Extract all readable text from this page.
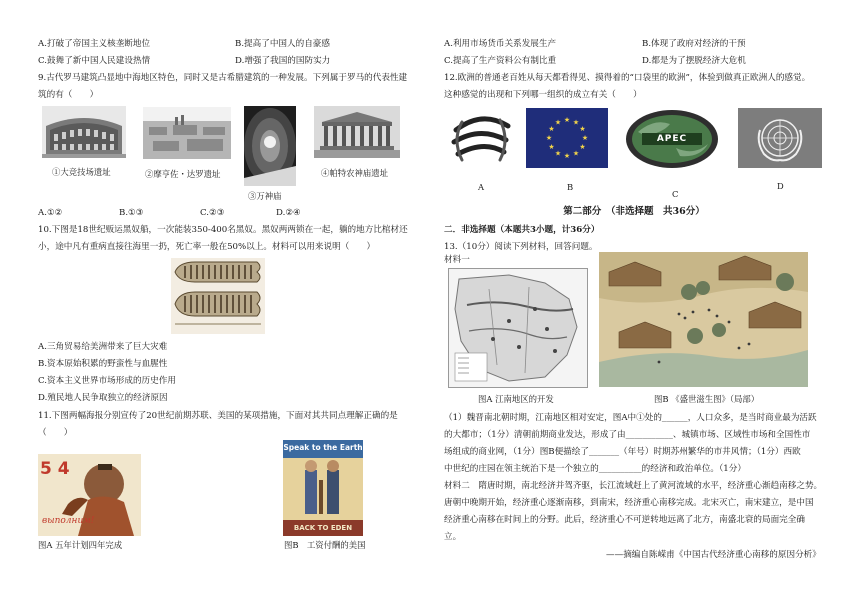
A.打破了帝国主义核垄断地位	B.提高了中国人的自豪感
C.鼓舞了新中国人民建设热情	D.增强了我国的国防实力
9.古代罗马建筑凸显地中海地区特色，同时又是古希腊建筑的一种发展。下列属于罗马的代表性建
筑的有（　　）
①大竞技场遗址	②摩亨佐・达罗遗址	④帕特农神庙遗址
③万神庙
A.①②	B.①③	C.②③	D.②④
10.下图是18世纪贩运黑奴船，一次能装350-400名黑奴。黑奴两两锁在一起，躺的地方比棺材还
小，途中凡有重病直接往海里一扔，死亡率一般在50%以上。材料可以用来说明（　　）
A.三角贸易给美洲带来了巨大灾难
B.资本原始积累的野蛮性与血腥性
C.资本主义世界市场形成的历史作用
D.殖民地人民争取独立的经济原因
11.下图两幅海报分别宣传了20世纪前期苏联、美国的某项措施，下面对其共同点理解正确的是
（　　）
5 4
выполним!
Speak to the Earth
BACK TO EDEN
图A 五年计划四年完成	图B　工资付酬的美国
A.利用市场货币关系发展生产	B.体现了政府对经济的干预
C.提高了生产资料公有制比重	D.都是为了摆脱经济大危机
12.欧洲的普通老百姓从每天都看得见、摸得着的“口袋里的欧洲”，体验到做真正欧洲人的感觉。
这种感觉的出现和下列哪一组织的成立有关（　　）
★ ★
★
★
★
★
★
★
★
★
★
★
APEC
A	B
C
D
第二部分　（非选择题　共36分）
二．非选择题（本题共3小题，计36分）
13.（10分）阅读下列材料，回答问题。
材料一
图A 江南地区的开发	图B 《盛世滋生图》（局部）
（1）魏晋南北朝时期，江南地区相对安定，图A中①处的______，人口众多，是当时商业最为活跃
的大都市；（1分）清朝前期商业发达，形成了由___________、城镇市场、区域性市场和全国性市
场组成的商业网，（1分）图B便描绘了_______（年号）时期苏州繁华的市井风情；（1分）西欧
中世纪的庄园在领主统治下是一个独立的__________的经济和政治单位。（1分）
材料二　隋唐时期，南北经济并驾齐驱，长江流域赶上了黄河流域的水平，经济重心渐趋南移之势。
唐朝中晚期开始，经济重心逐渐南移，到南宋，经济重心南移完成。北宋灭亡，南宋建立，是中国
经济重心南移在时间上的分野。此后，经济重心不可逆转地远离了北方，南盛北衰的局面完全确
立。
——摘编自陈嵘甫《中国古代经济重心南移的原因分析》
